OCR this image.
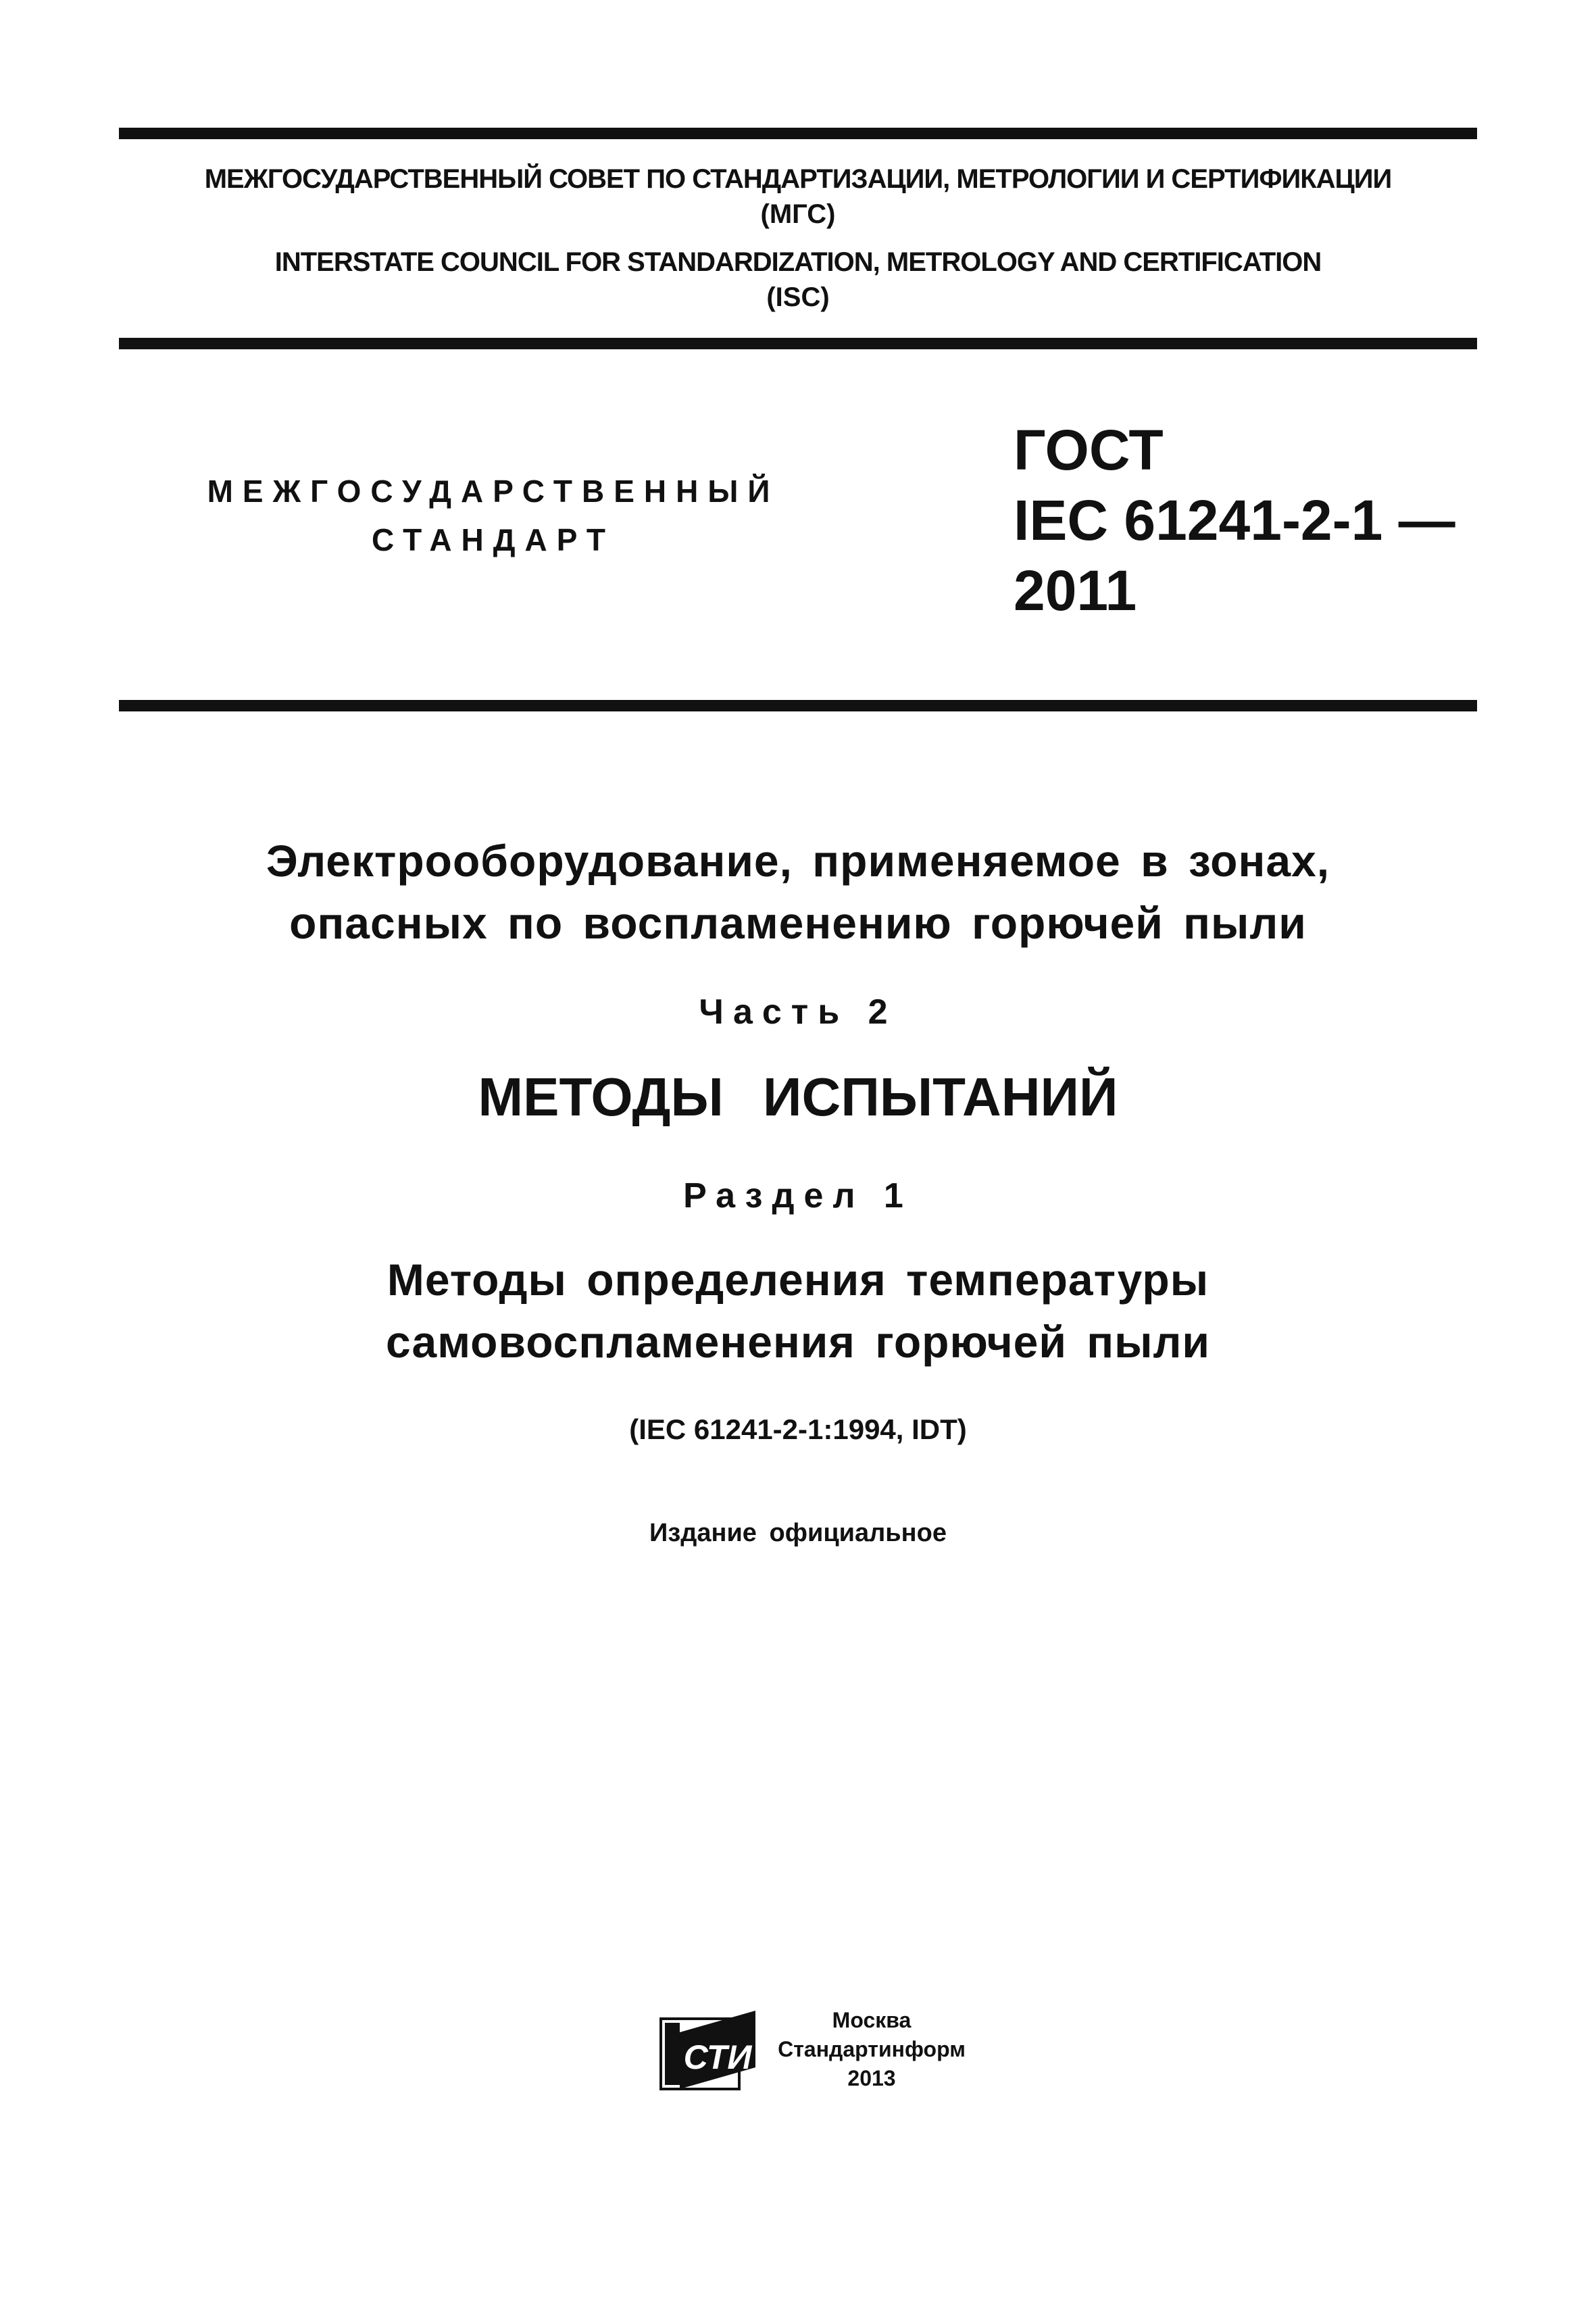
МЕЖГОСУДАРСТВЕННЫЙ СОВЕТ ПО СТАНДАРТИЗАЦИИ, МЕТРОЛОГИИ И СЕРТИФИКАЦИИ
(МГС)
INTERSTATE COUNCIL FOR STANDARDIZATION, METROLOGY AND CERTIFICATION
(ISC)
МЕЖГОСУДАРСТВЕННЫЙ
СТАНДАРТ
ГОСТ
IEC 61241-2-1 —
2011
Электрооборудование, применяемое в зонах,
опасных по воспламенению горючей пыли
Часть 2
МЕТОДЫ ИСПЫТАНИЙ
Раздел 1
Методы определения температуры
самовоспламенения горючей пыли
(IEC 61241-2-1:1994, IDT)
Издание официальное
СТИ
Москва
Стандартинформ
2013
